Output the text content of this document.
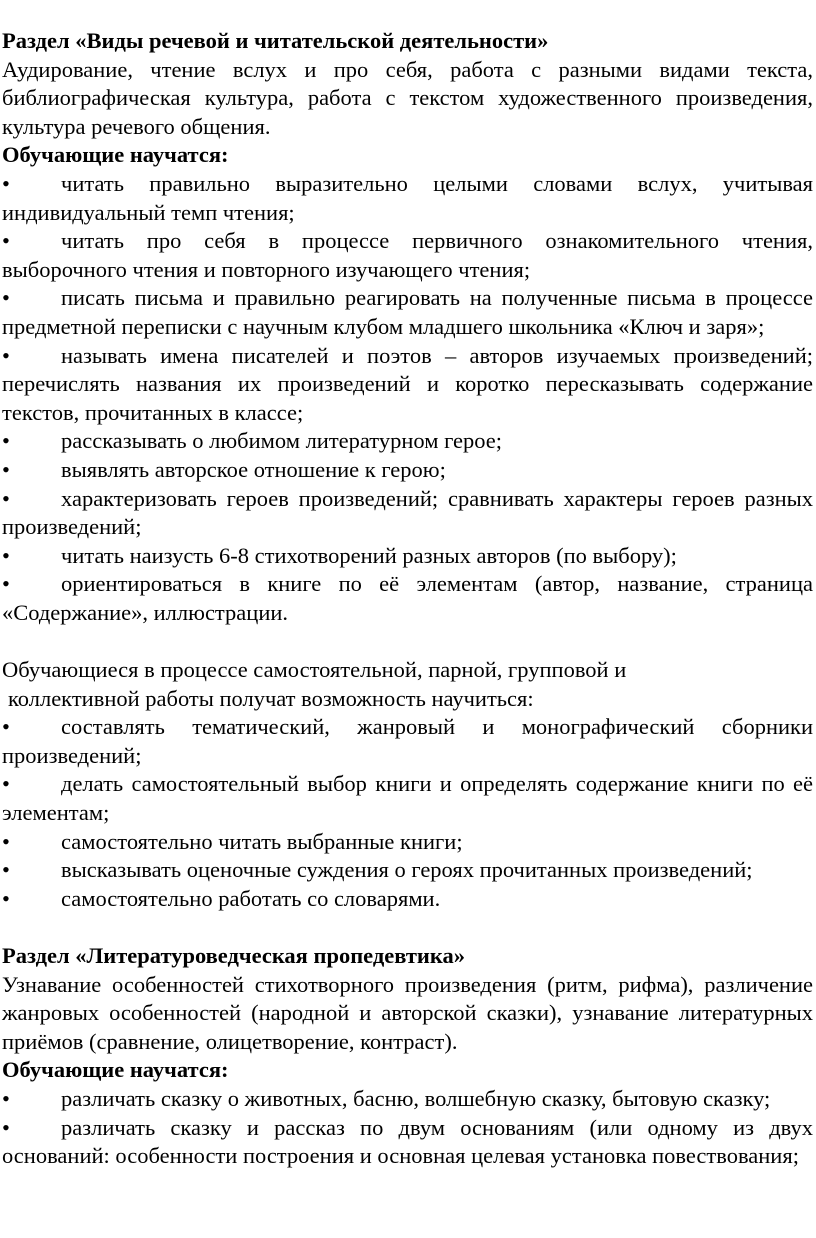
Раздел «Виды речевой и читательской деятельности»

Аудирование, чтение вслух и про себя, работа с разными видами текста, библиографическая культура, работа с текстом художественного произведения, культура речевого общения.

Обучающие научатся:

• читать правильно выразительно целыми словами вслух, учитывая индивидуальный темп чтения;

• читать про себя в процессе первичного ознакомительного чтения, выборочного чтения и повторного изучающего чтения;

• писать письма и правильно реагировать на полученные письма в процессе предметной переписки с научным клубом младшего школьника «Ключ и заря»;

• называть имена писателей и поэтов – авторов изучаемых произведений; перечислять названия их произведений и коротко пересказывать содержание текстов, прочитанных в классе;

• рассказывать о любимом литературном герое;

• выявлять авторское отношение к герою;

• характеризовать героев произведений; сравнивать характеры героев разных произведений;

• читать наизусть 6-8 стихотворений разных авторов (по выбору);

• ориентироваться в книге по её элементам (автор, название, страница «Содержание», иллюстрации.

Обучающиеся в процессе самостоятельной, парной, групповой и

коллективной работы получат возможность научиться:

• составлять тематический, жанровый и монографический сборники произведений;

• делать самостоятельный выбор книги и определять содержание книги по её элементам;

• самостоятельно читать выбранные книги;

• высказывать оценочные суждения о героях прочитанных произведений;

• самостоятельно работать со словарями.

Раздел «Литературоведческая пропедевтика»

Узнавание особенностей стихотворного произведения (ритм, рифма), различение жанровых особенностей (народной и авторской сказки), узнавание литературных приёмов (сравнение, олицетворение, контраст).

Обучающие научатся:

• различать сказку о животных, басню, волшебную сказку, бытовую сказку;

• различать сказку и рассказ по двум основаниям (или одному из двух оснований: особенности построения и основная целевая установка повествования;
